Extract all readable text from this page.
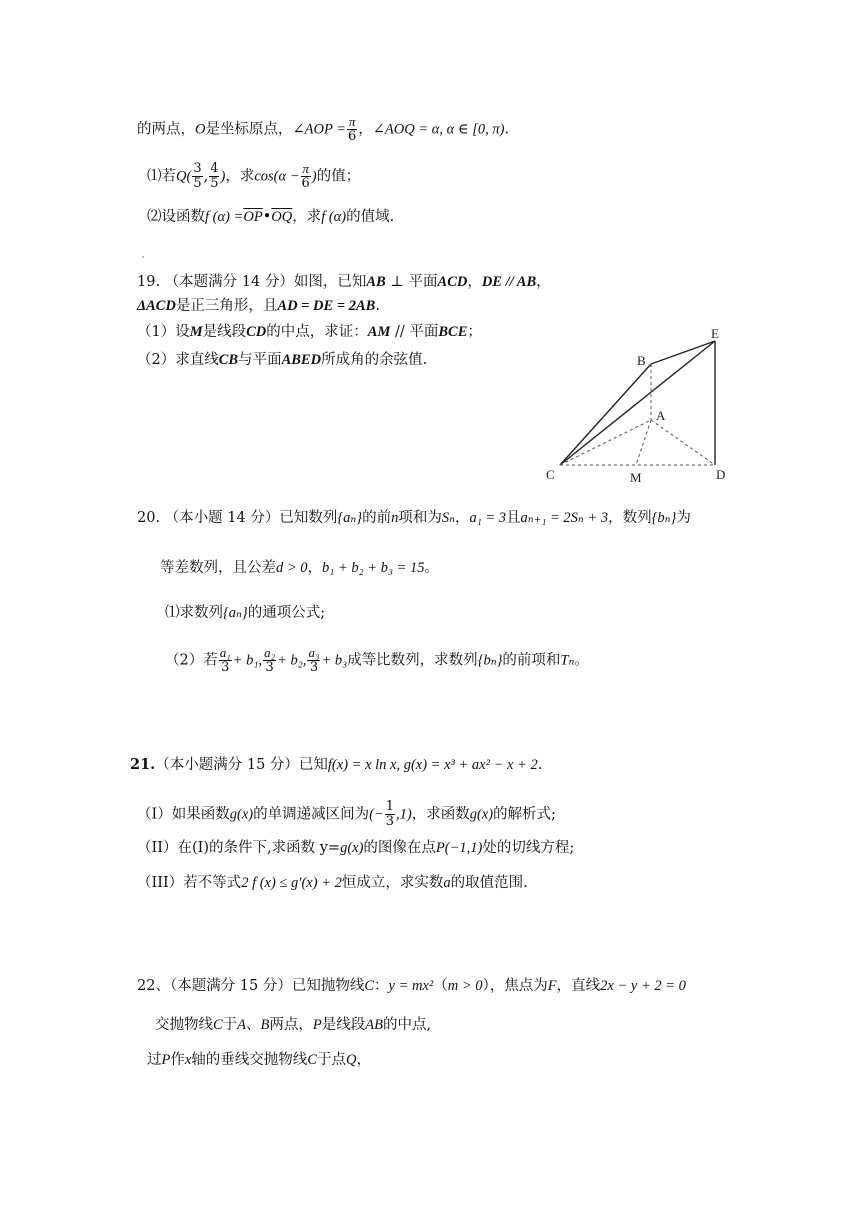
的两点，O是坐标原点，∠AOP = $\frac{\pi}{6}$ ，∠AOQ = α, α ∈ [0, π).
⑴若$Q( \frac{3}{5}$ , $\frac{4}{5}$ )，求$\cos(\alpha - \frac{\pi}{6}$ )的值；
⑵设函数f $(\alpha) =\overline{OP}•\overline{OQ}$，求f (α)的值域.
19. （本题满分 14 分）如图，已知AB ⊥ 平面ACD，DE // AB，
ΔACD是正三角形，且AD = DE = 2AB.
（1）设M是线段CD的中点，求证：AM // 平面BCE；
（2）求直线CB与平面ABED所成角的余弦值.
E
B
A
C	M	D
20. （本小题 14 分）已知数列{aₙ}的前n项和为Sₙ，a₁ = 3且aₙ₊₁ = 2Sₙ + 3，数列{bₙ}为
等差数列，且公差d > 0，b₁ + b₂ + b₃ = 15。
⑴求数列{aₙ}的通项公式;
（2）若 $\frac{\text{a₁}}{3} + b_1$, $\frac{\text{a₂}}{3} + b_2$, $\frac{\text{a₃}}{3} + b_3$成等比数列，求数列{bₙ}的前项和Tₙ。
21.（本小题满分 15 分）已知f(x) = x ln x, g(x) = x³ + ax² − x + 2.
（I）如果函数g(x)的单调递减区间为(− $\frac{1}{3} ,1$)，求函数g(x)的解析式;
（II）在(Ⅰ)的条件下,求函数 y=g(x)的图像在点P(−1,1)处的切线方程;
（III）若不等式2 f (x) ≤ g′(x) + 2恒成立，求实数a的取值范围.
22、（本题满分 15 分）已知抛物线C：y = mx²（m > 0），焦点为F，直线2x − y + 2 = 0
交抛物线C于A、B两点，P是线段AB的中点,
过P作x轴的垂线交抛物线C于点Q，
